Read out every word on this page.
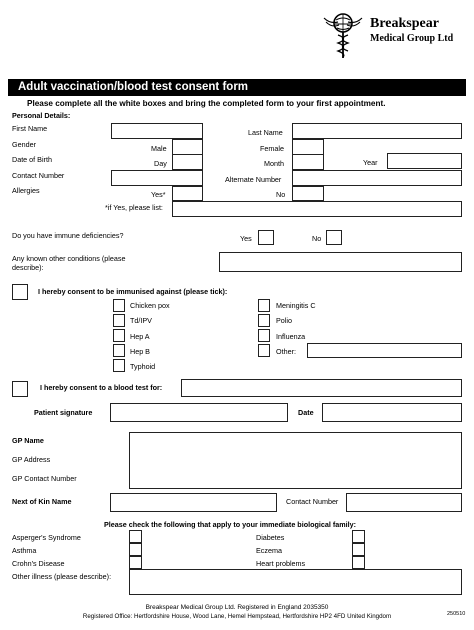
Breakspear
Medical Group Ltd
Adult vaccination/blood test consent form
Please complete all the white boxes and bring the completed form to your first appointment.
Personal Details:
First Name	Last Name
Gender	Male	Female
Date of Birth	Day	Month	Year
Contact Number	Alternate Number
Allergies	Yes*	No
*if Yes, please list:
Do you have immune deficiencies?	Yes	No
Any known other conditions (please
describe):
I hereby consent to be immunised against (please tick):
Chicken pox
Td/IPV
Hep A
Hep B
Typhoid
Meningitis C
Polio
Influenza
Other:
I hereby consent to a blood test for:
Patient signature	Date
GP Name
GP Address
GP Contact Number
Next of Kin Name	Contact Number
Please check the following that apply to your immediate biological family:
Asperger's Syndrome
Asthma
Crohn's Disease
Diabetes
Eczema
Heart problems
Other illness (please describe):
Breakspear Medical Group Ltd. Registered in England 2035350
Registered Office: Hertfordshire House, Wood Lane, Hemel Hempstead, Hertfordshire HP2 4FD United Kingdom	250510
